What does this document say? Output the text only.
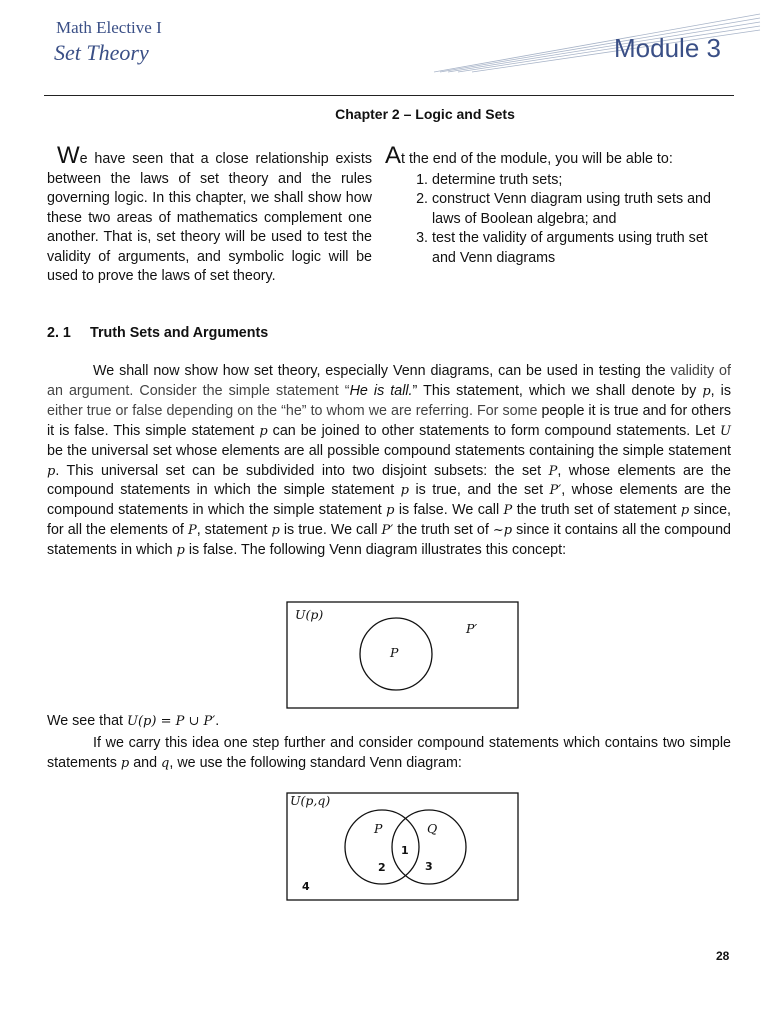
Math Elective I
Set Theory	Module 3
Chapter 2 – Logic and Sets
We have seen that a close relationship exists between the laws of set theory and the rules governing logic. In this chapter, we shall show how these two areas of mathematics complement one another. That is, set theory will be used to test the validity of arguments, and symbolic logic will be used to prove the laws of set theory.
At the end of the module, you will be able to:
1. determine truth sets;
2. construct Venn diagram using truth sets and laws of Boolean algebra; and
3. test the validity of arguments using truth set and Venn diagrams
2. 1 Truth Sets and Arguments
We shall now show how set theory, especially Venn diagrams, can be used in testing the validity of an argument. Consider the simple statement “He is tall.” This statement, which we shall denote by p, is either true or false depending on the “he” to whom we are referring. For some people it is true and for others it is false. This simple statement p can be joined to other statements to form compound statements. Let U be the universal set whose elements are all possible compound statements containing the simple statement p. This universal set can be subdivided into two disjoint subsets: the set P, whose elements are the compound statements in which the simple statement p is true, and the set P′, whose elements are the compound statements in which the simple statement p is false. We call P the truth set of statement p since, for all the elements of P, statement p is true. We call P′ the truth set of ~p since it contains all the compound statements in which p is false. The following Venn diagram illustrates this concept:
U(p)
P
P′
We see that U(p) = P ∪ P′.
If we carry this idea one step further and consider compound statements which contains two simple statements p and q, we use the following standard Venn diagram:
U(p,q)
P	Q
1
2	3
4
28
